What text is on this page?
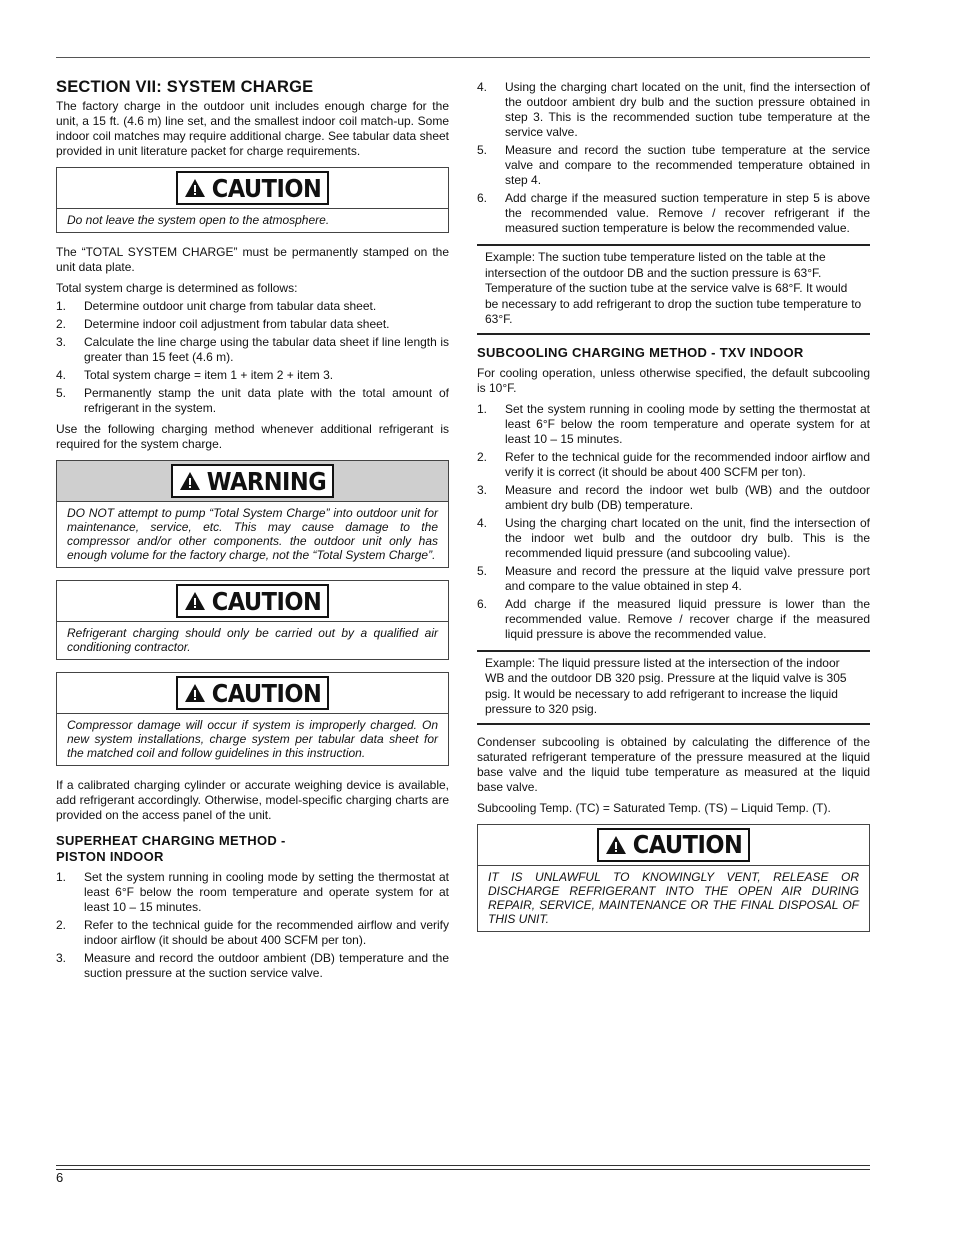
SECTION VII: SYSTEM CHARGE

The factory charge in the outdoor unit includes enough charge for the unit, a 15 ft. (4.6 m) line set, and the smallest indoor coil match-up. Some indoor coil matches may require additional charge. See tabular data sheet provided in unit literature packet for charge requirements.

CAUTION
Do not leave the system open to the atmosphere.

The “TOTAL SYSTEM CHARGE” must be permanently stamped on the unit data plate.

Total system charge is determined as follows:

1. Determine outdoor unit charge from tabular data sheet.
2. Determine indoor coil adjustment from tabular data sheet.
3. Calculate the line charge using the tabular data sheet if line length is greater than 15 feet (4.6 m).
4. Total system charge = item 1 + item 2 + item 3.
5. Permanently stamp the unit data plate with the total amount of refrigerant in the system.

Use the following charging method whenever additional refrigerant is required for the system charge.

WARNING
DO NOT attempt to pump “Total System Charge” into outdoor unit for maintenance, service, etc. This may cause damage to the compressor and/or other components. the outdoor unit only has enough volume for the factory charge, not the “Total System Charge”.
CAUTION
Refrigerant charging should only be carried out by a qualified air conditioning contractor.
CAUTION
Compressor damage will occur if system is improperly charged. On new system installations, charge system per tabular data sheet for the matched coil and follow guidelines in this instruction.

If a calibrated charging cylinder or accurate weighing device is available, add refrigerant accordingly. Otherwise, model-specific charging charts are provided on the access panel of the unit.

SUPERHEAT CHARGING METHOD -
PISTON INDOOR
1. Set the system running in cooling mode by setting the thermostat at least 6°F below the room temperature and operate system for at least 10 – 15 minutes.
2. Refer to the technical guide for the recommended airflow and verify indoor airflow (it should be about 400 SCFM per ton).
3. Measure and record the outdoor ambient (DB) temperature and the suction pressure at the suction service valve.
4. Using the charging chart located on the unit, find the intersection of the outdoor ambient dry bulb and the suction pressure obtained in step 3. This is the recommended suction tube temperature at the service valve.
5. Measure and record the suction tube temperature at the service valve and compare to the recommended temperature obtained in step 4.
6. Add charge if the measured suction temperature in step 5 is above the recommended value. Remove / recover refrigerant if the measured suction temperature is below the recommended value.
Example: The suction tube temperature listed on the table at the intersection of the outdoor DB and the suction pressure is 63°F. Temperature of the suction tube at the service valve is 68°F. It would be necessary to add refrigerant to drop the suction tube temperature to 63°F.
SUBCOOLING CHARGING METHOD - TXV INDOOR

For cooling operation, unless otherwise specified, the default subcooling is 10°F.

1. Set the system running in cooling mode by setting the thermostat at least 6°F below the room temperature and operate system for at least 10 – 15 minutes.
2. Refer to the technical guide for the recommended indoor airflow and verify it is correct (it should be about 400 SCFM per ton).
3. Measure and record the indoor wet bulb (WB) and the outdoor ambient dry bulb (DB) temperature.
4. Using the charging chart located on the unit, find the intersection of the indoor wet bulb and the outdoor dry bulb. This is the recommended liquid pressure (and subcooling value).
5. Measure and record the pressure at the liquid valve pressure port and compare to the value obtained in step 4.
6. Add charge if the measured liquid pressure is lower than the recommended value. Remove / recover charge if the measured liquid pressure is above the recommended value.
Example: The liquid pressure listed at the intersection of the indoor WB and the outdoor DB 320 psig. Pressure at the liquid valve is 305 psig. It would be necessary to add refrigerant to increase the liquid pressure to 320 psig.

Condenser subcooling is obtained by calculating the difference of the saturated refrigerant temperature of the pressure measured at the liquid base valve and the liquid tube temperature as measured at the liquid base valve.

Subcooling Temp. (TC) = Saturated Temp. (TS) – Liquid Temp. (T).

CAUTION
IT IS UNLAWFUL TO KNOWINGLY VENT, RELEASE OR DISCHARGE REFRIGERANT INTO THE OPEN AIR DURING REPAIR, SERVICE, MAINTENANCE OR THE FINAL DISPOSAL OF THIS UNIT.
6
